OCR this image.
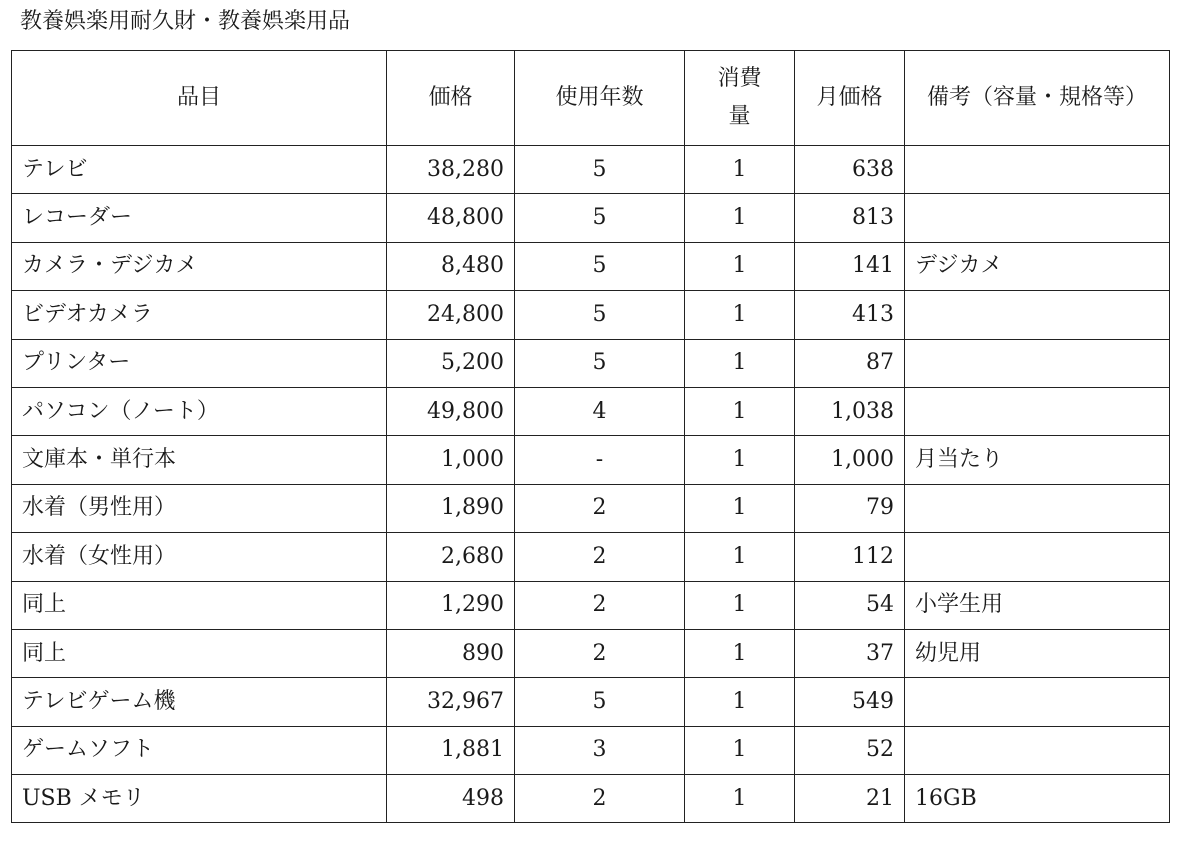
教養娯楽用耐久財・教養娯楽用品
品目	価格	使用年数	消費量	月価格	備考（容量・規格等）
テレビ	38,280	5	1	638	
レコーダー	48,800	5	1	813	
カメラ・デジカメ	8,480	5	1	141	デジカメ
ビデオカメラ	24,800	5	1	413	
プリンター	5,200	5	1	87	
パソコン（ノート）	49,800	4	1	1,038	
文庫本・単行本	1,000	-	1	1,000	月当たり
水着（男性用）	1,890	2	1	79	
水着（女性用）	2,680	2	1	112	
同上	1,290	2	1	54	小学生用
同上	890	2	1	37	幼児用
テレビゲーム機	32,967	5	1	549	
ゲームソフト	1,881	3	1	52	
USB メモリ	498	2	1	21	16GB
